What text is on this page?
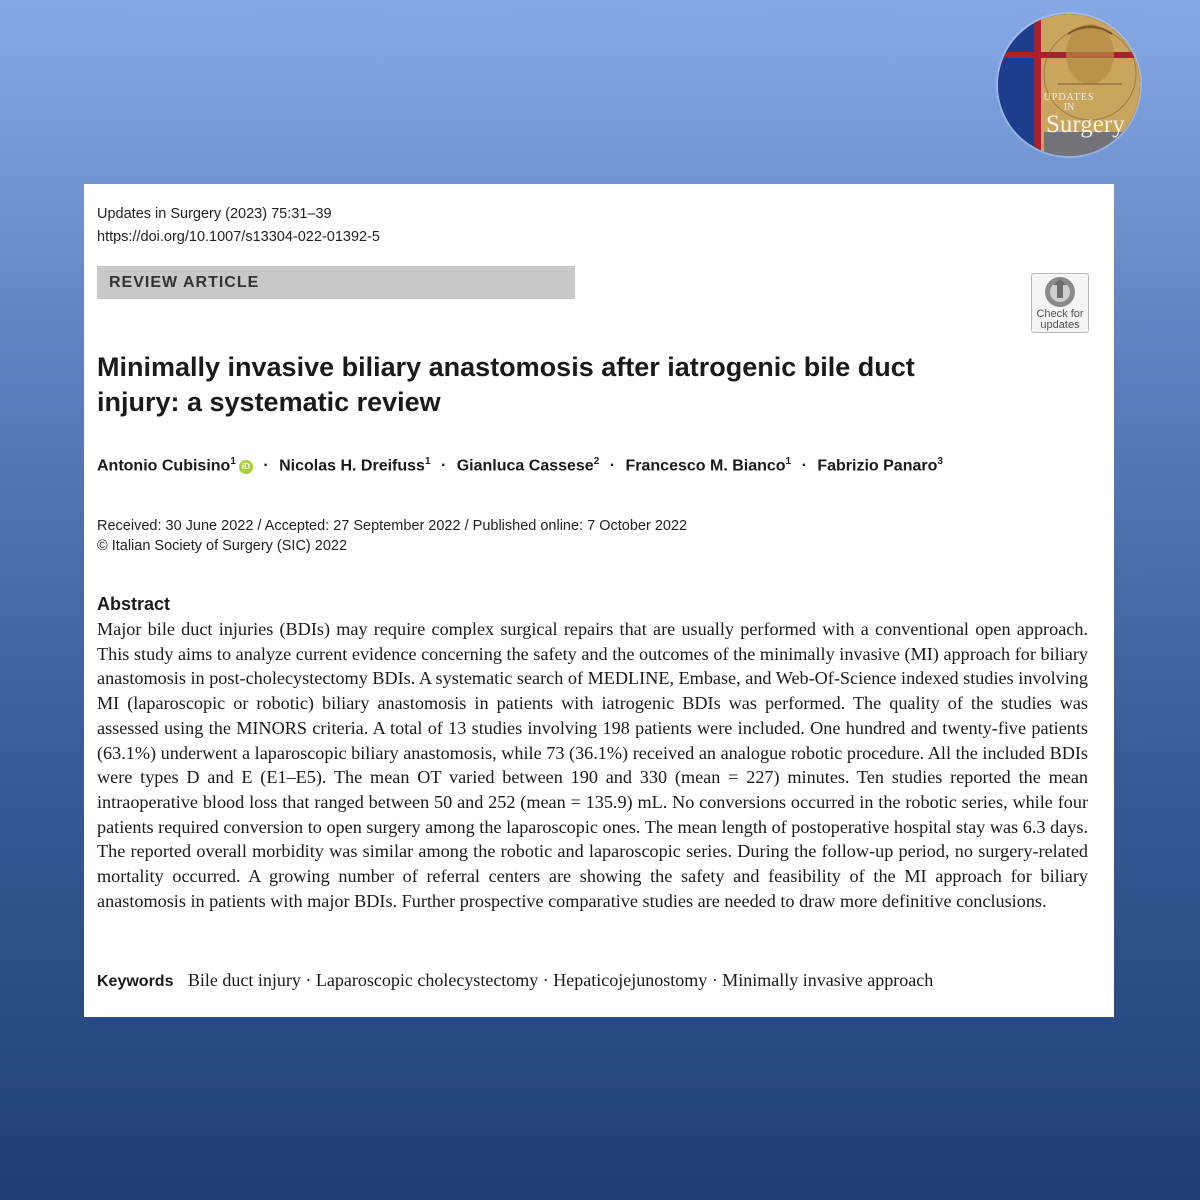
UPDATES
IN
Surgery
Updates in Surgery (2023) 75:31–39
https://doi.org/10.1007/s13304-022-01392-5
REVIEW ARTICLE
Check for
updates
Minimally invasive biliary anastomosis after iatrogenic bile duct injury: a systematic review
Antonio Cubisino$^1$ iD · Nicolas H. Dreifuss$^1$ · Gianluca Cassese$^2$ · Francesco M. Bianco$^1$ · Fabrizio Panaro$^3$
Received: 30 June 2022 / Accepted: 27 September 2022 / Published online: 7 October 2022
© Italian Society of Surgery (SIC) 2022
Abstract
Major bile duct injuries (BDIs) may require complex surgical repairs that are usually performed with a conventional open approach. This study aims to analyze current evidence concerning the safety and the outcomes of the minimally invasive (MI) approach for biliary anastomosis in post-cholecystectomy BDIs. A systematic search of MEDLINE, Embase, and Web-Of-Science indexed studies involving MI (laparoscopic or robotic) biliary anastomosis in patients with iatrogenic BDIs was performed. The quality of the studies was assessed using the MINORS criteria. A total of 13 studies involving 198 patients were included. One hundred and twenty-five patients (63.1%) underwent a laparoscopic biliary anastomosis, while 73 (36.1%) received an analogue robotic procedure. All the included BDIs were types D and E (E1–E5). The mean OT varied between 190 and 330 (mean = 227) minutes. Ten studies reported the mean intraoperative blood loss that ranged between 50 and 252 (mean = 135.9) mL. No conversions occurred in the robotic series, while four patients required conversion to open surgery among the laparoscopic ones. The mean length of postoperative hospital stay was 6.3 days. The reported overall morbidity was similar among the robotic and laparoscopic series. During the follow-up period, no surgery-related mortality occurred. A growing number of referral centers are showing the safety and feasibility of the MI approach for biliary anastomosis in patients with major BDIs. Further prospective comparative studies are needed to draw more definitive conclusions.
Keywords Bile duct injury · Laparoscopic cholecystectomy · Hepaticojejunostomy · Minimally invasive approach
